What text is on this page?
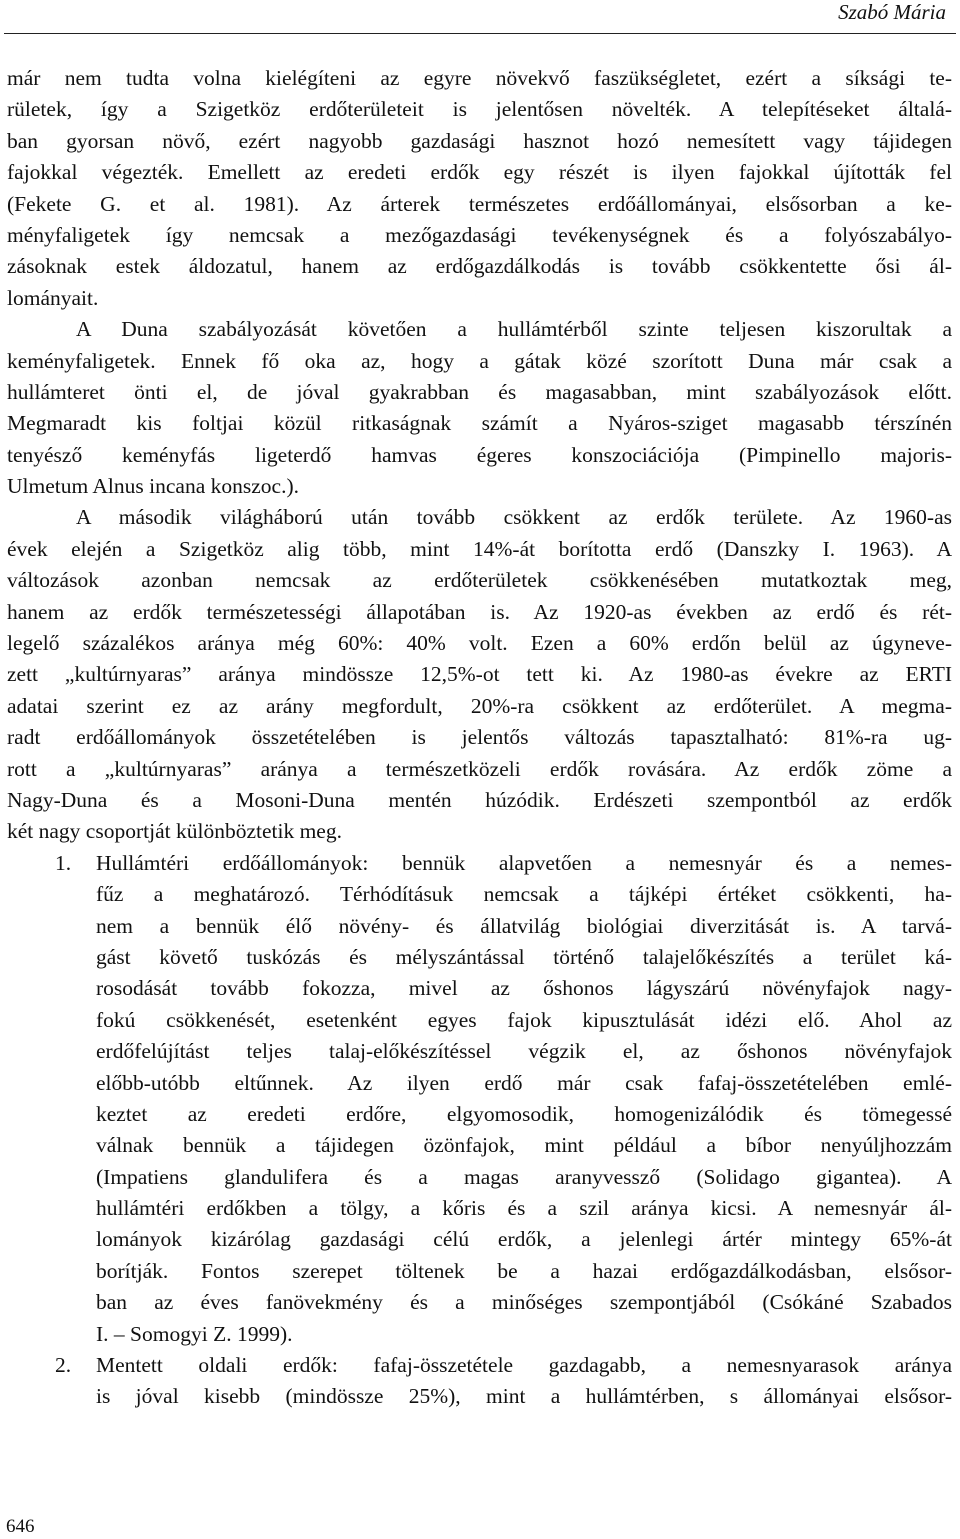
Szabó Mária
már nem tudta volna kielégíteni az egyre növekvő faszükségletet, ezért a síksági te-
rületek, így a Szigetköz erdőterületeit is jelentősen növelték. A telepítéseket általá-
ban gyorsan növő, ezért nagyobb gazdasági hasznot hozó nemesített vagy tájidegen
fajokkal végezték. Emellett az eredeti erdők egy részét is ilyen fajokkal újították fel
(Fekete G. et al. 1981). Az árterek természetes erdőállományai, elsősorban a ke-
ményfaligetek így nemcsak a mezőgazdasági tevékenységnek és a folyószabályo-
zásoknak estek áldozatul, hanem az erdőgazdálkodás is tovább csökkentette ősi ál-
lományait.
A Duna szabályozását követően a hullámtérből szinte teljesen kiszorultak a
keményfaligetek. Ennek fő oka az, hogy a gátak közé szorított Duna már csak a
hullámteret önti el, de jóval gyakrabban és magasabban, mint szabályozások előtt.
Megmaradt kis foltjai közül ritkaságnak számít a Nyáros-sziget magasabb térszínén
tenyésző keményfás ligeterdő hamvas égeres konszociációja (Pimpinello majoris-
Ulmetum Alnus incana konszoc.).
A második világháború után tovább csökkent az erdők területe. Az 1960-as
évek elején a Szigetköz alig több, mint 14%-át borította erdő (Danszky I. 1963). A
változások azonban nemcsak az erdőterületek csökkenésében mutatkoztak meg,
hanem az erdők természetességi állapotában is. Az 1920-as években az erdő és rét-
legelő százalékos aránya még 60%: 40% volt. Ezen a 60% erdőn belül az úgyneve-
zett „kultúrnyaras” aránya mindössze 12,5%-ot tett ki. Az 1980-as évekre az ERTI
adatai szerint ez az arány megfordult, 20%-ra csökkent az erdőterület. A megma-
radt erdőállományok összetételében is jelentős változás tapasztalható: 81%-ra ug-
rott a „kultúrnyaras” aránya a természetközeli erdők rovására. Az erdők zöme a
Nagy-Duna és a Mosoni-Duna mentén húzódik. Erdészeti szempontból az erdők
két nagy csoportját különböztetik meg.
1.	Hullámtéri erdőállományok: bennük alapvetően a nemesnyár és a nemes-
fűz a meghatározó. Térhódításuk nemcsak a tájképi értéket csökkenti, ha-
nem a bennük élő növény- és állatvilág biológiai diverzitását is. A tarvá-
gást követő tuskózás és mélyszántással történő talajelőkészítés a terület ká-
rosodását tovább fokozza, mivel az őshonos lágyszárú növényfajok nagy-
fokú csökkenését, esetenként egyes fajok kipusztulását idézi elő. Ahol az
erdőfelújítást teljes talaj-előkészítéssel végzik el, az őshonos növényfajok
előbb-utóbb eltűnnek. Az ilyen erdő már csak fafaj-összetételében emlé-
keztet az eredeti erdőre, elgyomosodik, homogenizálódik és tömegessé
válnak bennük a tájidegen özönfajok, mint például a bíbor nenyúljhozzám
(Impatiens glandulifera és a magas aranyvessző (Solidago gigantea). A
hullámtéri erdőkben a tölgy, a kőris és a szil aránya kicsi. A nemesnyár ál-
lományok kizárólag gazdasági célú erdők, a jelenlegi ártér mintegy 65%-át
borítják. Fontos szerepet töltenek be a hazai erdőgazdálkodásban, elsősor-
ban az éves fanövekmény és a minőséges szempontjából (Csókáné Szabados
I. – Somogyi Z. 1999).
2.	Mentett oldali erdők: fafaj-összetétele gazdagabb, a nemesnyarasok aránya
is jóval kisebb (mindössze 25%), mint a hullámtérben, s állományai elsősor-
646
